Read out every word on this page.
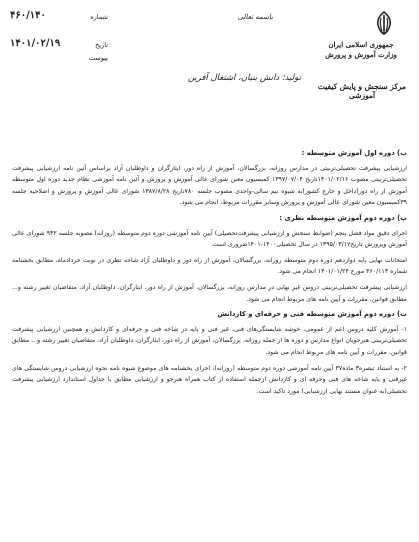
جمهوری اسلامی ایران
وزارت آموزش و پرورش
باسمه تعالی
تولید؛ دانش بنیان، اشتغال آفرین
مرکز سنجش و پایش کیفیت آموزشی
شماره
۴۶۰/۱۴۰
تاریخ
۱۴۰۱/۰۲/۱۹
پیوست
ب) دوره اول آموزش متوسطه :

ارزشیابی پیشرفت تحصیلی‌تربیتی در مدارس روزانه، بزرگسالان، آموزش از راه دور، ایثارگران و داوطلبان آزاد براساس آئین نامه ارزشیابی پیشرفت تحصیلی‌تربیتی مصوب ۱۴۰۱/۰۲/۱۶تاریخ ۱۳۹۷/۰۷/۰۴ کمیسیون معین شورای عالی آموزش و پرورش و آئین نامه آموزشی نظام جدید دوره اول متوسطه آموزش از راه دور(داخل و خارج کشور)به شیوه نیم سالی-واحدی مصوب جلسه ۷۸۰تاریخ ۱۳۸۷/۸/۲۸ شورای عالی آموزش و پرورش و اصلاحیه جلسه ۳۹کمیسیون معین شورای عالی آموزش و پرورش وسایر مقررات مربوط، انجام می شود.

پ) دوره دوم آموزش متوسطه نظری :

اجرای دقیق مواد فصل پنجم (ضوابط سنجش و ارزشیابی پیشرفت‌تحصیلی) آیین نامه آموزشی دوره دوم متوسطه (روزانه) مصوبه جلسه ۹۳۲ شورای عالی آموزش وپرورش تاریخ۱۳۹۵/۰۳/۱۷ در سال تحصیلی۱۴۰۰-۱۴۰۱ضروری است.

امتحانات نهایی پایه دوازدهم دوره دوم متوسطه روزانه، بزرگسالان، آموزش از راه دور و داوطلبان آزاد شاخه نظری در نوبت خردادماه، مطابق بخشنامه شماره ۴۶۰/۱۱۳ مورخ ۱۴۰۱/۰۱/۲۴ انجام می شود.

ارزشیابی پیشرفت تحصیلی‌تربیتی دروس غیر نهایی در مدارس روزانه، بزرگسالان، آموزش از راه دور، ایثارگران، داوطلبان آزاد، متقاضیان تغییر رشته و... مطابق قوانین، مقررات و آیین نامه های مربوط انجام می شود.

ت) دوره دوم آموزش متوسطه فنی و حرفه‌ای و کاردانش

۱- آموزش کلیه دروس اعم از عمومی، خوشه شایستگی‌های فنی، غیر فنی و پایه در شاخه فنی و حرفه‌ای و کاردانش و همچنین ارزشیابی پیشرفت تحصیلی‌تربیتی هنرجویان انواع مدارس و دوره ها از جمله روزانه، بزرگسالان، آموزش از راه دور، ایثارگران، داوطلبان آزاد، متقاضیان تغییر رشته و... مطابق قوانین، مقررات و آیین نامه های مربوط انجام می شود.

۲- به استناد تبصره۳ ماده۳۷ آیین نامه آموزشی دوره دوم متوسطه (روزانه)، اجرای بخشنامه های موضوع شیوه نامه نحوه ارزشیابی دروس شایستگی های غیرفنی و پایه شاخه های فنی وحرفه ای و کاردانش ازجمله استفاده از کتاب همراه هنرجو و ارزشیابی مطابق با جداول استاندارد ارزشیابی پیشرفت تحصیلی(به عنوان مستند نهایی ارزشیابی) مورد تاکید است.
